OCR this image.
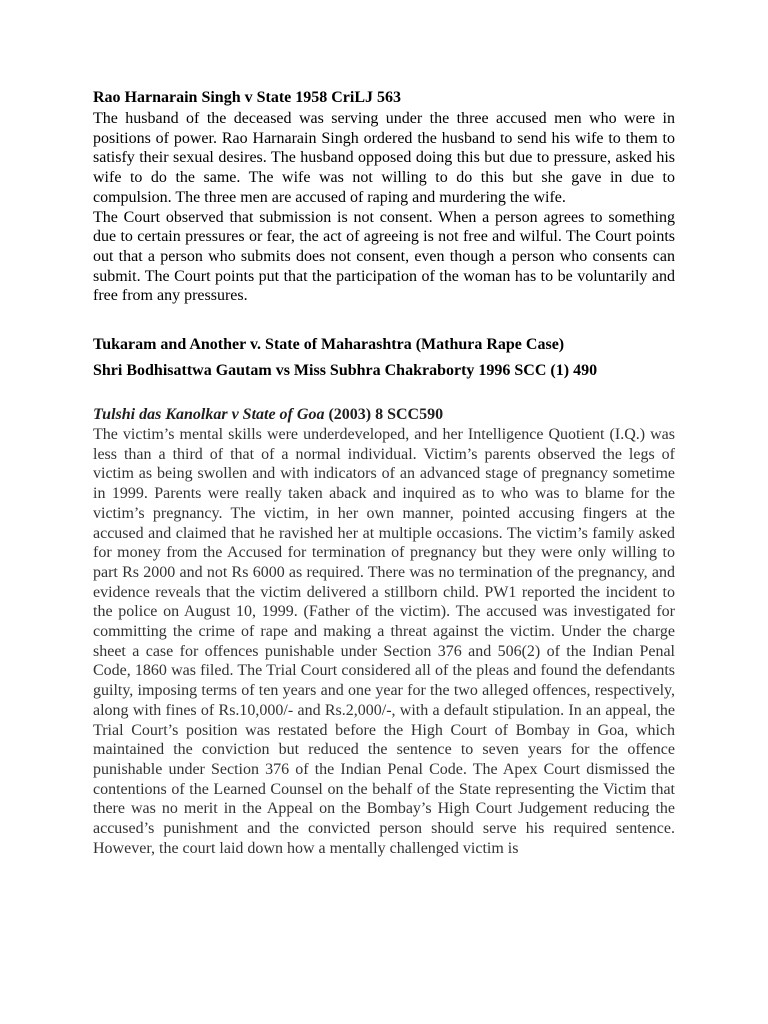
Rao Harnarain Singh v State 1958 CriLJ 563

The husband of the deceased was serving under the three accused men who were in positions of power. Rao Harnarain Singh ordered the husband to send his wife to them to satisfy their sexual desires. The husband opposed doing this but due to pressure, asked his wife to do the same. The wife was not willing to do this but she gave in due to compulsion. The three men are accused of raping and murdering the wife.

The Court observed that submission is not consent. When a person agrees to something due to certain pressures or fear, the act of agreeing is not free and wilful. The Court points out that a person who submits does not consent, even though a person who consents can submit. The Court points put that the participation of the woman has to be voluntarily and free from any pressures.

Tukaram and Another v. State of Maharashtra (Mathura Rape Case)

Shri Bodhisattwa Gautam vs Miss Subhra Chakraborty 1996 SCC (1) 490

Tulshi das Kanolkar v State of Goa (2003) 8 SCC590

The victim’s mental skills were underdeveloped, and her Intelligence Quotient (I.Q.) was less than a third of that of a normal individual. Victim’s parents observed the legs of victim as being swollen and with indicators of an advanced stage of pregnancy sometime in 1999. Parents were really taken aback and inquired as to who was to blame for the victim’s pregnancy. The victim, in her own manner, pointed accusing fingers at the accused and claimed that he ravished her at multiple occasions. The victim’s family asked for money from the Accused for termination of pregnancy but they were only willing to part Rs 2000 and not Rs 6000 as required. There was no termination of the pregnancy, and evidence reveals that the victim delivered a stillborn child. PW1 reported the incident to the police on August 10, 1999. (Father of the victim). The accused was investigated for committing the crime of rape and making a threat against the victim. Under the charge sheet a case for offences punishable under Section 376 and 506(2) of the Indian Penal Code, 1860 was filed. The Trial Court considered all of the pleas and found the defendants guilty, imposing terms of ten years and one year for the two alleged offences, respectively, along with fines of Rs.10,000/- and Rs.2,000/-, with a default stipulation. In an appeal, the Trial Court’s position was restated before the High Court of Bombay in Goa, which maintained the conviction but reduced the sentence to seven years for the offence punishable under Section 376 of the Indian Penal Code. The Apex Court dismissed the contentions of the Learned Counsel on the behalf of the State representing the Victim that there was no merit in the Appeal on the Bombay’s High Court Judgement reducing the accused’s punishment and the convicted person should serve his required sentence. However, the court laid down how a mentally challenged victim is
